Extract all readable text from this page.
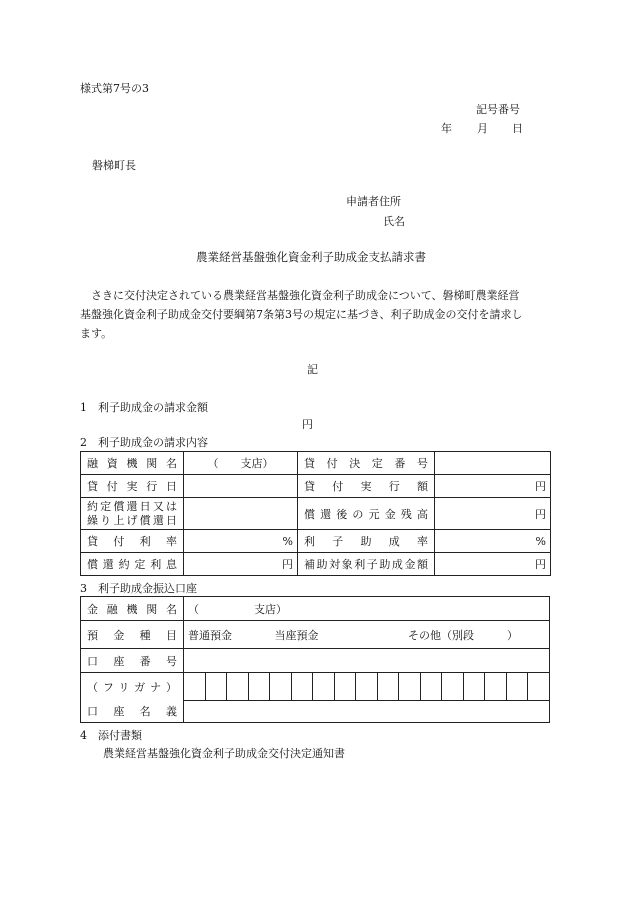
様式第7号の3
記号番号
年 月 日
磐梯町長
申請者住所
氏名
農業経営基盤強化資金利子助成金支払請求書
さきに交付決定されている農業経営基盤強化資金利子助成金について、磐梯町農業経営
基盤強化資金利子助成金交付要綱第7条第3号の規定に基づき、利子助成金の交付を請求し
ます。
記
1　利子助成金の請求金額
円
2　利子助成金の請求内容
融資機関名	（　　支店）	貸付決定番号	
貸付実行日		貸付実行額	円

約定償還日又は
繰り上げ償還日		償還後の元金残高	円
貸付利率	%	利子助成率	%
償還約定利息	円	補助対象利子助成金額	円
3　利子助成金振込口座
金融機関名	（　　　　　支店）																
預金種目	普通預金 当座預金 その他（別段　　　）																
口座番号																	
（フリガナ）																	
口座名義																	
4　添付書類
農業経営基盤強化資金利子助成金交付決定通知書
